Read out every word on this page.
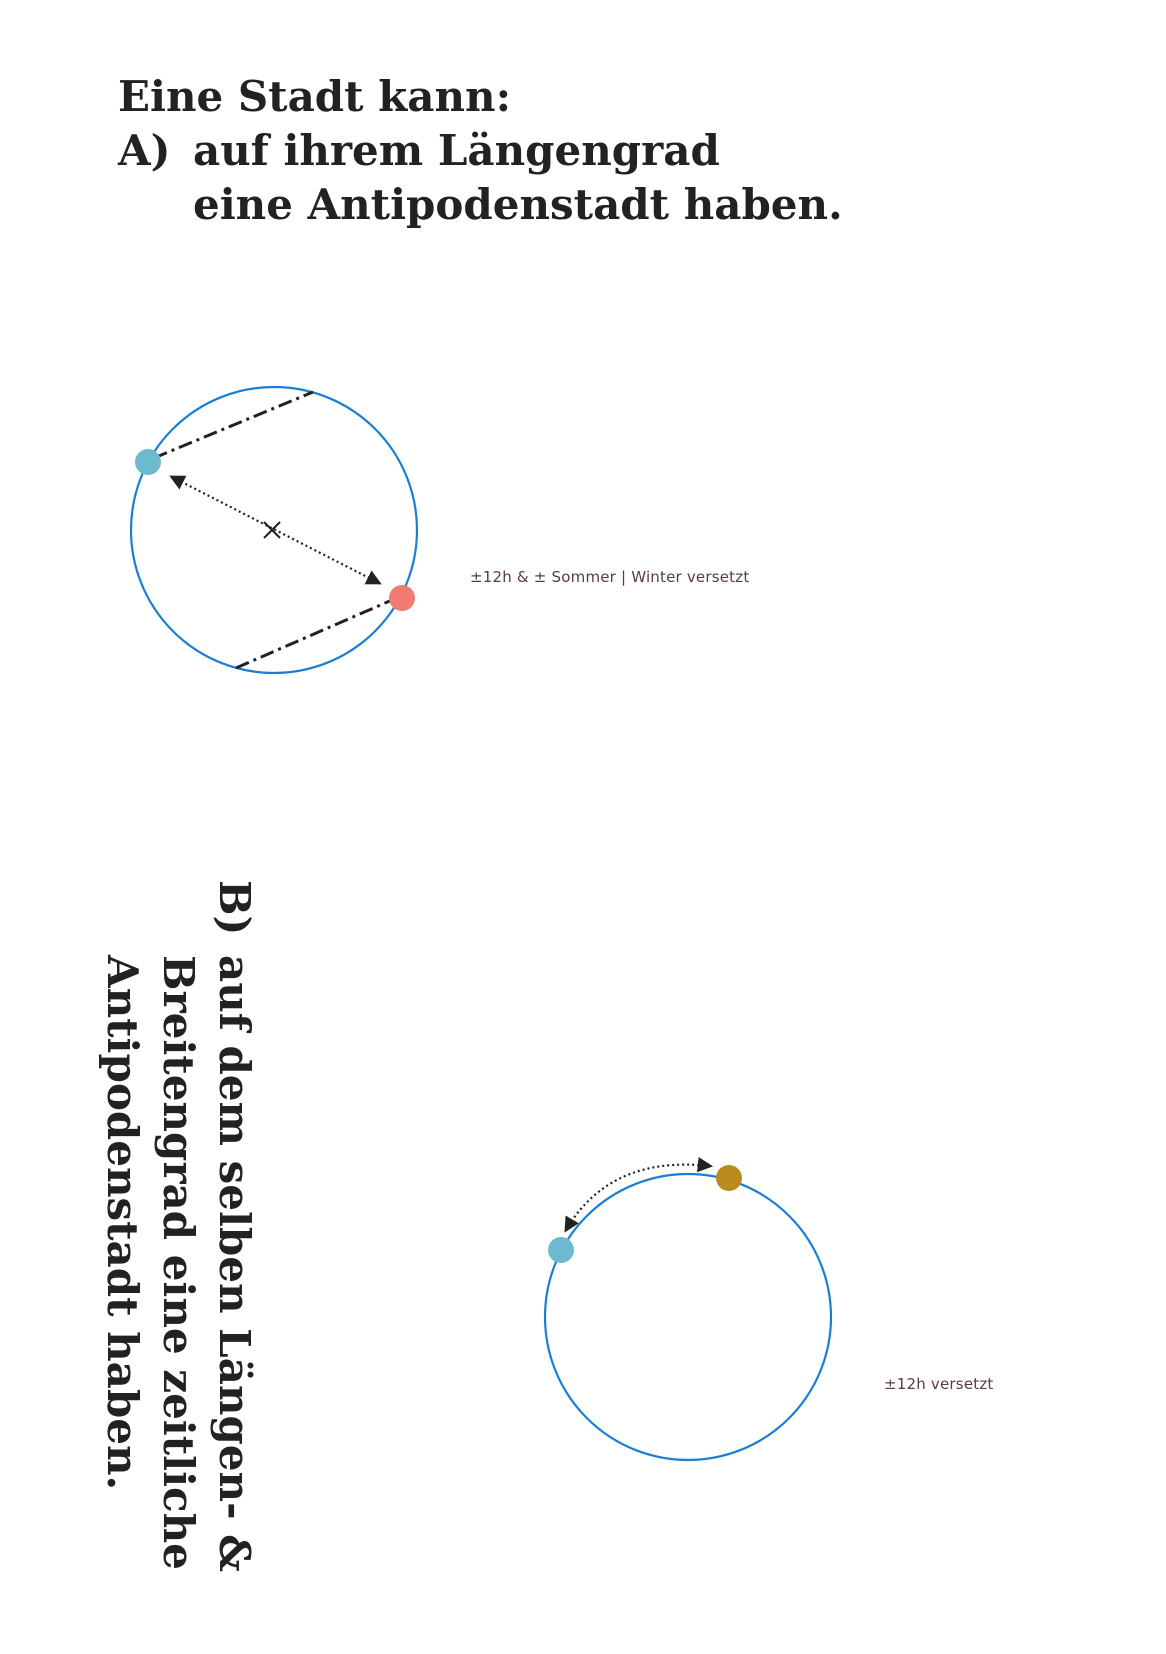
Eine Stadt kann:
A) auf ihrem Längengrad
eine Antipodenstadt haben.
±12h & ± Sommer | Winter versetzt
±12h versetzt
B)
auf dem selben Längen- &
Breitengrad eine zeitliche
Antipodenstadt haben.
